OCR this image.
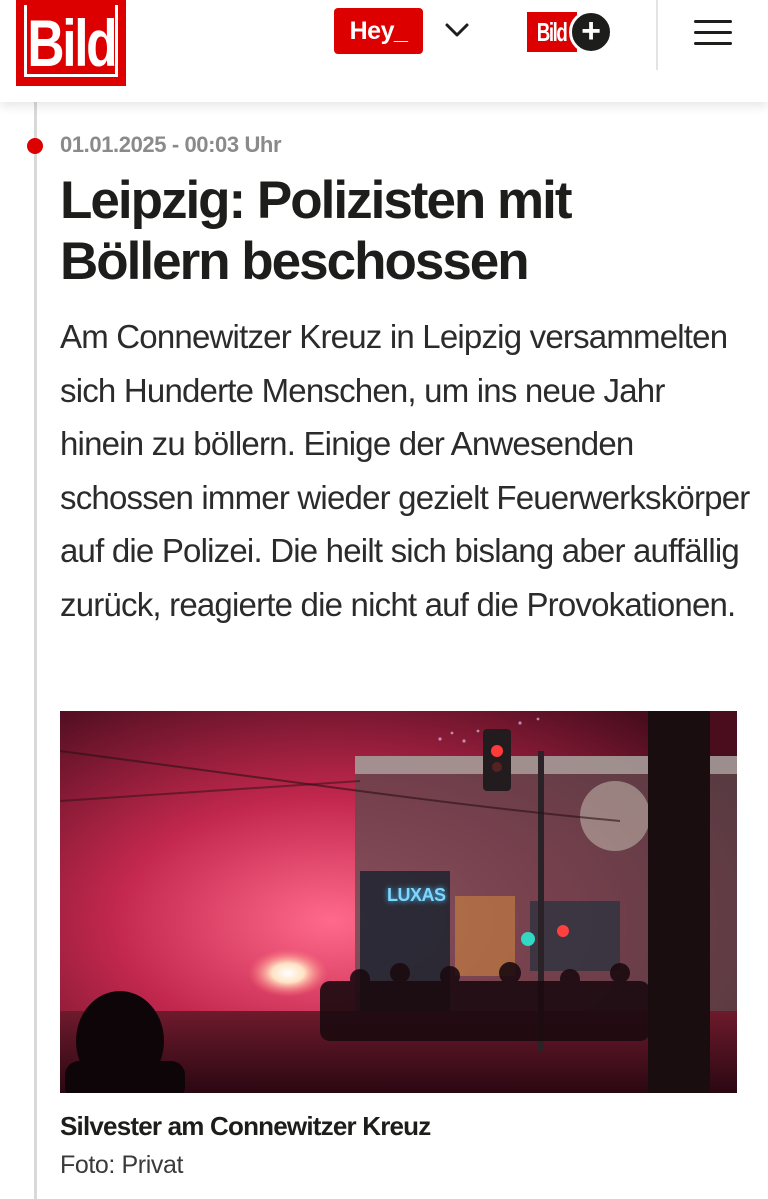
Bild	Hey_	Bild +
01.01.2025 - 00:03 Uhr
Leipzig: Polizisten mit Böllern beschossen

Am Connewitzer Kreuz in Leipzig versammelten sich Hunderte Menschen, um ins neue Jahr hinein zu böllern. Einige der Anwesenden schossen immer wieder gezielt Feuerwerkskörper auf die Polizei. Die heilt sich bislang aber auffällig zurück, reagierte die nicht auf die Provokationen.

LUXAS
Silvester am Connewitzer Kreuz
Foto: Privat
